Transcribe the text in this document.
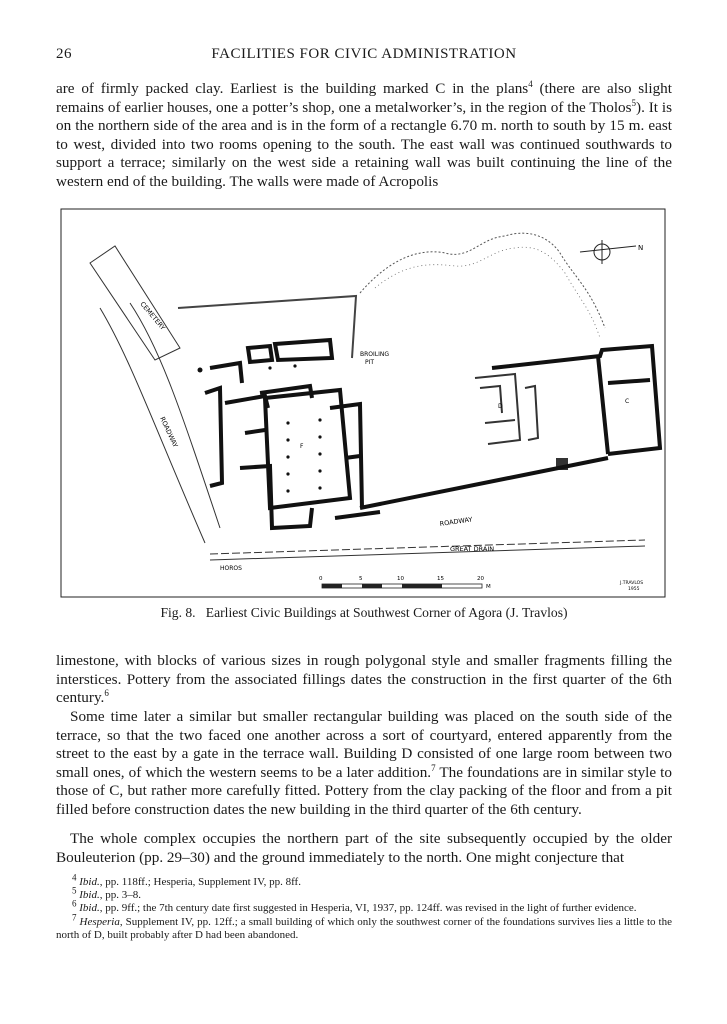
26	FACILITIES FOR CIVIC ADMINISTRATION

are of firmly packed clay. Earliest is the building marked C in the plans$^4$ (there are also slight remains of earlier houses, one a potter’s shop, one a metalworker’s, in the region of the Tholos$^5$). It is on the northern side of the area and is in the form of a rectangle 6.70 m. north to south by 15 m. east to west, divided into two rooms opening to the south. The east wall was continued southwards to support a terrace; similarly on the west side a retaining wall was built continuing the line of the western end of the building. The walls were made of Acropolis

CEMETERY
ROADWAY
N
F
BROILING
PIT
D
C
ROADWAY
GREAT DRAIN
HOROS
0	5	10	15	20
M
J.TRAVLOS
1955
Fig. 8. Earliest Civic Buildings at Southwest Corner of Agora (J. Travlos)

limestone, with blocks of various sizes in rough polygonal style and smaller fragments filling the interstices. Pottery from the associated fillings dates the construction in the first quarter of the 6th century.$^6$

Some time later a similar but smaller rectangular building was placed on the south side of the terrace, so that the two faced one another across a sort of courtyard, entered apparently from the street to the east by a gate in the terrace wall. Building D consisted of one large room between two small ones, of which the western seems to be a later addition.$^7$ The foundations are in similar style to those of C, but rather more carefully fitted. Pottery from the clay packing of the floor and from a pit filled before construction dates the new building in the third quarter of the 6th century.

The whole complex occupies the northern part of the site subsequently occupied by the older Bouleuterion (pp. 29–30) and the ground immediately to the north. One might conjecture that

$^4$ Ibid., pp. 118ff.; Hesperia, Supplement IV, pp. 8ff.

$^5$ Ibid., pp. 3–8.

$^6$ Ibid., pp. 9ff.; the 7th century date first suggested in Hesperia, VI, 1937, pp. 124ff. was revised in the light of further evidence.

$^7$ Hesperia, Supplement IV, pp. 12ff.; a small building of which only the southwest corner of the foundations survives lies a little to the north of D, built probably after D had been abandoned.
